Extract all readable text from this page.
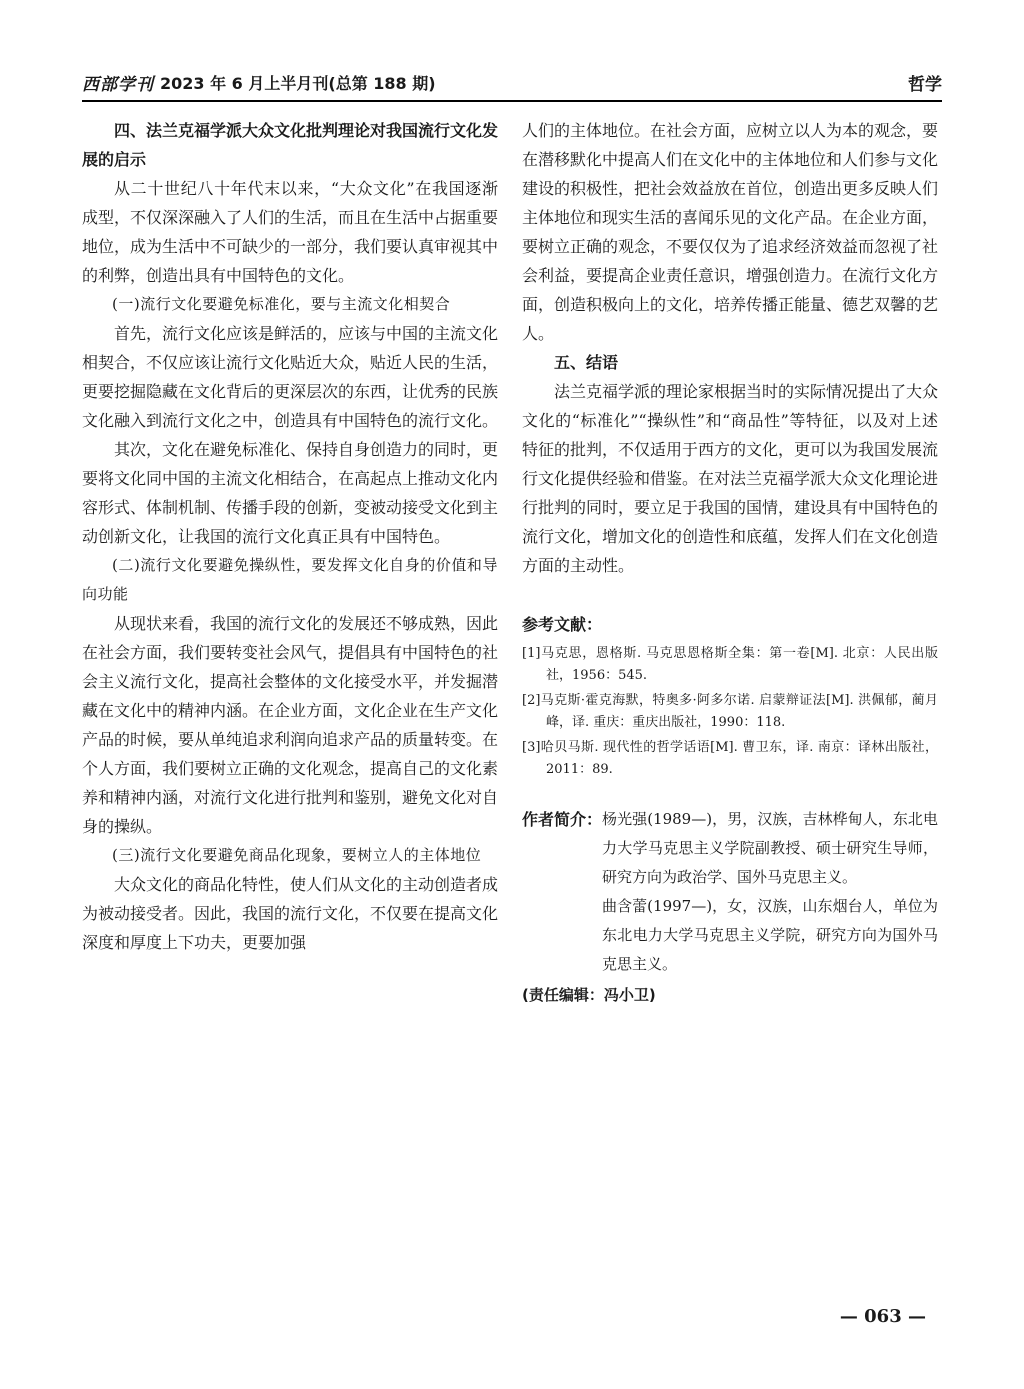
西部学刊 2023 年 6 月上半月刊(总第 188 期)	哲学

四、法兰克福学派大众文化批判理论对我国流行文化发展的启示

从二十世纪八十年代末以来，“大众文化”在我国逐渐成型，不仅深深融入了人们的生活，而且在生活中占据重要地位，成为生活中不可缺少的一部分，我们要认真审视其中的利弊，创造出具有中国特色的文化。

(一)流行文化要避免标准化，要与主流文化相契合

首先，流行文化应该是鲜活的，应该与中国的主流文化相契合，不仅应该让流行文化贴近大众，贴近人民的生活，更要挖掘隐藏在文化背后的更深层次的东西，让优秀的民族文化融入到流行文化之中，创造具有中国特色的流行文化。

其次，文化在避免标准化、保持自身创造力的同时，更要将文化同中国的主流文化相结合，在高起点上推动文化内容形式、体制机制、传播手段的创新，变被动接受文化到主动创新文化，让我国的流行文化真正具有中国特色。

(二)流行文化要避免操纵性，要发挥文化自身的价值和导向功能

从现状来看，我国的流行文化的发展还不够成熟，因此在社会方面，我们要转变社会风气，提倡具有中国特色的社会主义流行文化，提高社会整体的文化接受水平，并发掘潜藏在文化中的精神内涵。在企业方面，文化企业在生产文化产品的时候，要从单纯追求利润向追求产品的质量转变。在个人方面，我们要树立正确的文化观念，提高自己的文化素养和精神内涵，对流行文化进行批判和鉴别，避免文化对自身的操纵。

(三)流行文化要避免商品化现象，要树立人的主体地位

大众文化的商品化特性，使人们从文化的主动创造者成为被动接受者。因此，我国的流行文化，不仅要在提高文化深度和厚度上下功夫，更要加强

人们的主体地位。在社会方面，应树立以人为本的观念，要在潜移默化中提高人们在文化中的主体地位和人们参与文化建设的积极性，把社会效益放在首位，创造出更多反映人们主体地位和现实生活的喜闻乐见的文化产品。在企业方面，要树立正确的观念，不要仅仅为了追求经济效益而忽视了社会利益，要提高企业责任意识，增强创造力。在流行文化方面，创造积极向上的文化，培养传播正能量、德艺双馨的艺人。

五、结语

法兰克福学派的理论家根据当时的实际情况提出了大众文化的“标准化”“操纵性”和“商品性”等特征，以及对上述特征的批判，不仅适用于西方的文化，更可以为我国发展流行文化提供经验和借鉴。在对法兰克福学派大众文化理论进行批判的同时，要立足于我国的国情，建设具有中国特色的流行文化，增加文化的创造性和底蕴，发挥人们在文化创造方面的主动性。

参考文献：

[1]马克思，恩格斯. 马克思恩格斯全集：第一卷[M]. 北京：人民出版社，1956：545.
[2]马克斯·霍克海默，特奥多·阿多尔诺. 启蒙辩证法[M]. 洪佩郁，蔺月峰，译. 重庆：重庆出版社，1990：118.
[3]哈贝马斯. 现代性的哲学话语[M]. 曹卫东，译. 南京：译林出版社，2011：89.
作者简介： 杨光强(1989—)，男，汉族，吉林桦甸人，东北电力大学马克思主义学院副教授、硕士研究生导师，研究方向为政治学、国外马克思主义。

曲含蕾(1997—)，女，汉族，山东烟台人，单位为东北电力大学马克思主义学院，研究方向为国外马克思主义。

(责任编辑：冯小卫)

— 063 —
